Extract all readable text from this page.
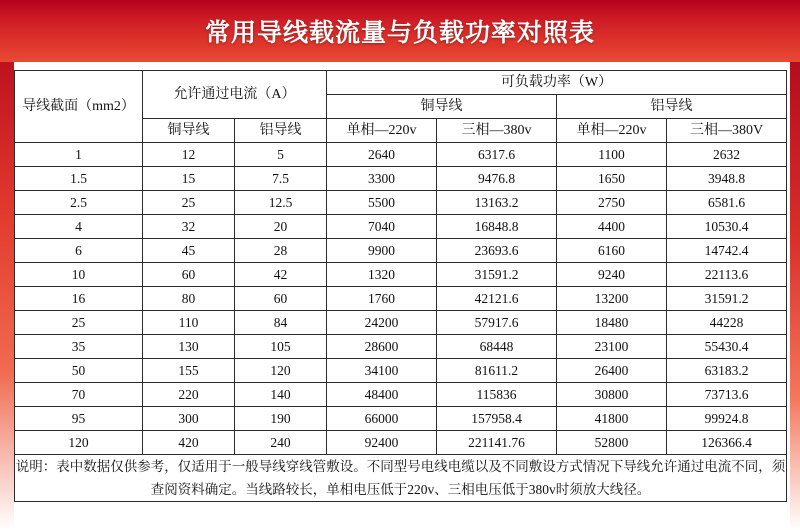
常用导线载流量与负载功率对照表
导线截面（mm2）	允许通过电流（A）		可负载功率（W）			
			铜导线		铝导线	
	铜导线	铝导线	单相—220v	三相—380v	单相—220v	三相—380V
1	12	5	2640	6317.6	1100	2632
1.5	15	7.5	3300	9476.8	1650	3948.8
2.5	25	12.5	5500	13163.2	2750	6581.6
4	32	20	7040	16848.8	4400	10530.4
6	45	28	9900	23693.6	6160	14742.4
10	60	42	1320	31591.2	9240	22113.6
16	80	60	1760	42121.6	13200	31591.2
25	110	84	24200	57917.6	18480	44228
35	130	105	28600	68448	23100	55430.4
50	155	120	34100	81611.2	26400	63183.2
70	220	140	48400	115836	30800	73713.6
95	300	190	66000	157958.4	41800	99924.8
120	420	240	92400	221141.76	52800	126366.4
说明：表中数据仅供参考，仅适用于一般导线穿线管敷设。不同型号电线电缆以及不同敷设方式情况下导线允许通过电流不同，须查阅资料确定。当线路较长，单相电压低于220v、三相电压低于380v时须放大线径。						
